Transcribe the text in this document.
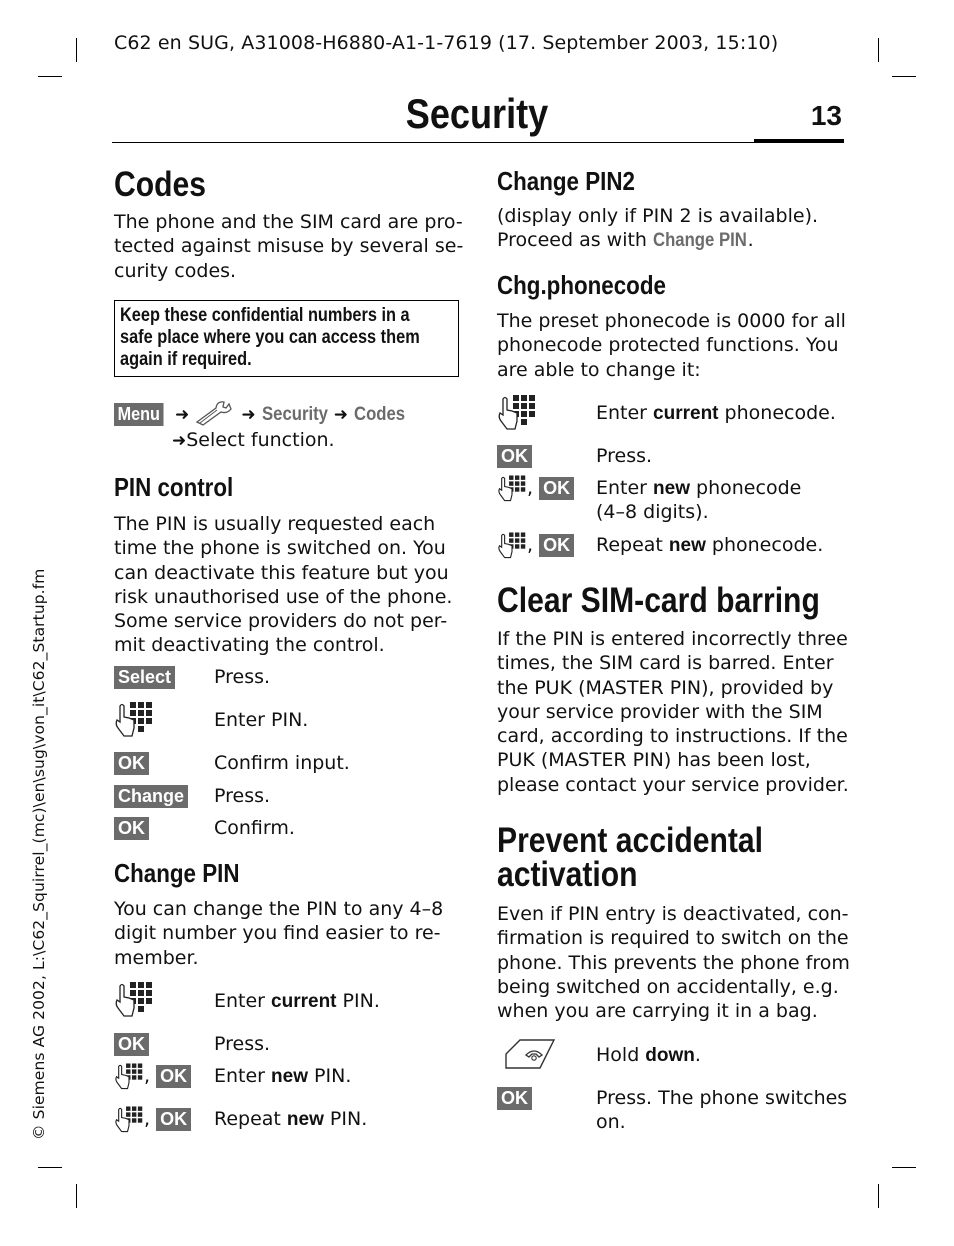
C62 en SUG, A31008-H6880-A1-1-7619 (17. September 2003, 15:10)
Security	13
© Siemens AG 2002, L:\C62_Squirrel_(mc)\en\sug\von_it\C62_Startup.fm
Codes

The phone and the SIM card are pro-

tected against misuse by several se-

curity codes.

Keep these confidential numbers in a
safe place where you can access them
again if required.
Menu ➜	➜ Security ➜ Codes
➜Select function.
PIN control

The PIN is usually requested each

time the phone is switched on. You

can deactivate this feature but you

risk unauthorised use of the phone.

Some service providers do not per-

mit deactivating the control.

Select Press.
Enter PIN.
OK	Confirm input.
Change Press.
OK	Confirm.
Change PIN

You can change the PIN to any 4–8

digit number you find easier to re-

member.

Enter current PIN.
OK	Press.
, OK Enter new PIN.
, OK Repeat new PIN.
Change PIN2

(display only if PIN 2 is available).

Proceed as with Change PIN.

Chg.phonecode

The preset phonecode is 0000 for all

phonecode protected functions. You

are able to change it:

Enter current phonecode.
OK	Press.
, OK Enter new phonecode
(4–8 digits).
, OK Repeat new phonecode.
Clear SIM-card barring

If the PIN is entered incorrectly three

times, the SIM card is barred. Enter

the PUK (MASTER PIN), provided by

your service provider with the SIM

card, according to instructions. If the

PUK (MASTER PIN) has been lost,

please contact your service provider.

Prevent accidental
activation

Even if PIN entry is deactivated, con-

firmation is required to switch on the

phone. This prevents the phone from

being switched on accidentally, e.g.

when you are carrying it in a bag.

Hold down.
OK	Press. The phone switches
on.
